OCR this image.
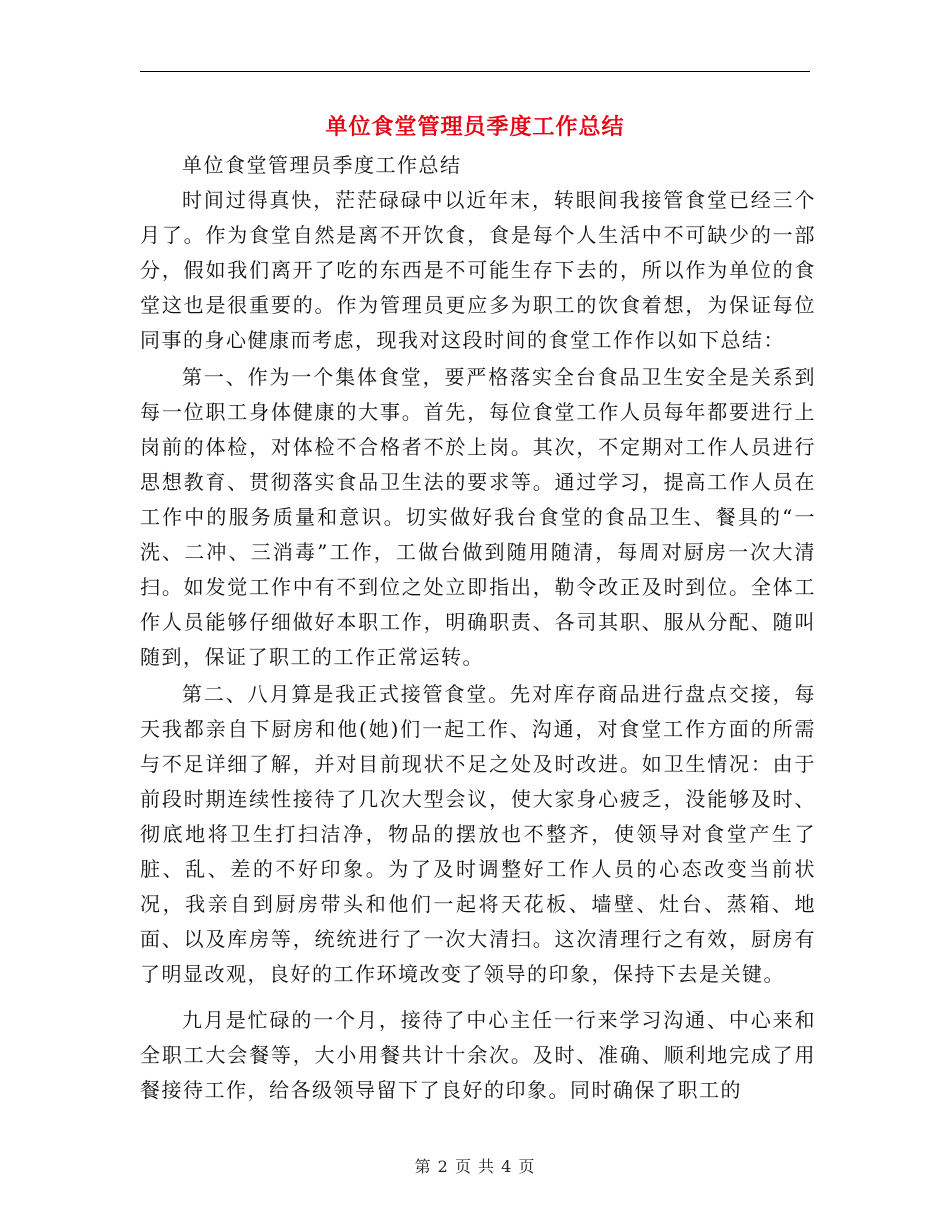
单位食堂管理员季度工作总结

单位食堂管理员季度工作总结

时间过得真快，茫茫碌碌中以近年末，转眼间我接管食堂已经三个月了。作为食堂自然是离不开饮食，食是每个人生活中不可缺少的一部分，假如我们离开了吃的东西是不可能生存下去的，所以作为单位的食堂这也是很重要的。作为管理员更应多为职工的饮食着想，为保证每位同事的身心健康而考虑，现我对这段时间的食堂工作作以如下总结：

第一、作为一个集体食堂，要严格落实全台食品卫生安全是关系到每一位职工身体健康的大事。首先，每位食堂工作人员每年都要进行上岗前的体检，对体检不合格者不於上岗。其次，不定期对工作人员进行思想教育、贯彻落实食品卫生法的要求等。通过学习，提高工作人员在工作中的服务质量和意识。切实做好我台食堂的食品卫生、餐具的“一洗、二冲、三消毒”工作，工做台做到随用随清，每周对厨房一次大清扫。如发觉工作中有不到位之处立即指出，勒令改正及时到位。全体工作人员能够仔细做好本职工作，明确职责、各司其职、服从分配、随叫随到，保证了职工的工作正常运转。

第二、八月算是我正式接管食堂。先对库存商品进行盘点交接，每天我都亲自下厨房和他(她)们一起工作、沟通，对食堂工作方面的所需与不足详细了解，并对目前现状不足之处及时改进。如卫生情况：由于前段时期连续性接待了几次大型会议，使大家身心疲乏，没能够及时、彻底地将卫生打扫洁净，物品的摆放也不整齐，使领导对食堂产生了脏、乱、差的不好印象。为了及时调整好工作人员的心态改变当前状况，我亲自到厨房带头和他们一起将天花板、墙壁、灶台、蒸箱、地面、以及库房等，统统进行了一次大清扫。这次清理行之有效，厨房有了明显改观，良好的工作环境改变了领导的印象，保持下去是关键。

九月是忙碌的一个月，接待了中心主任一行来学习沟通、中心来和全职工大会餐等，大小用餐共计十余次。及时、准确、顺利地完成了用餐接待工作，给各级领导留下了良好的印象。同时确保了职工的

第 2 页 共 4 页
